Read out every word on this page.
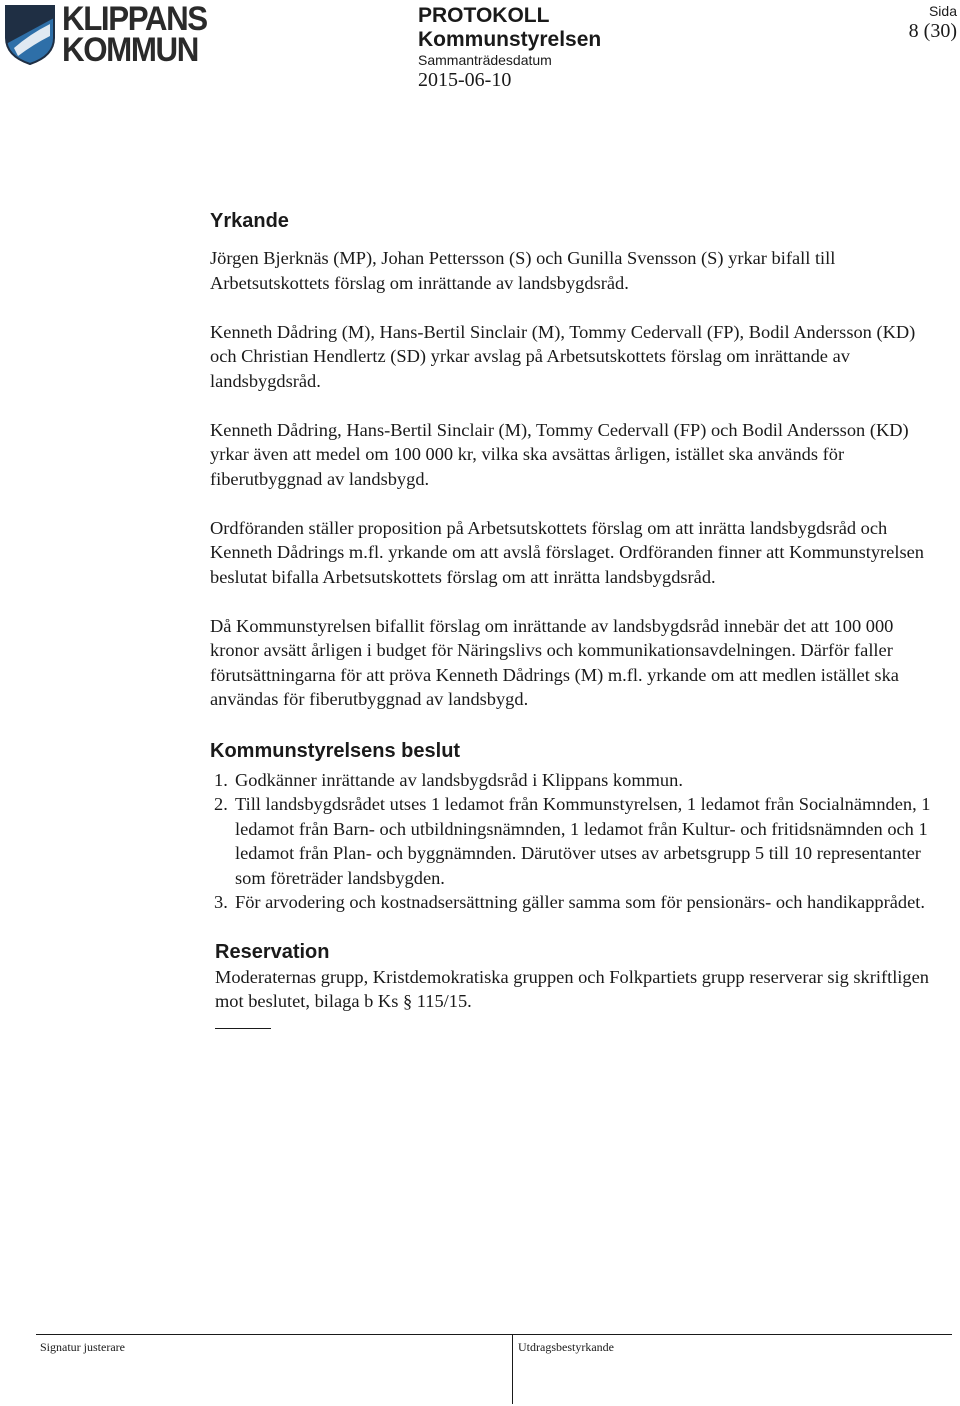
KLIPPANS
KOMMUN
PROTOKOLL
Kommunstyrelsen
Sammanträdesdatum
2015-06-10
Sida
8 (30)
Yrkande

Jörgen Bjerknäs (MP), Johan Pettersson (S) och Gunilla Svensson (S) yrkar bifall till Arbetsutskottets förslag om inrättande av landsbygdsråd.

Kenneth Dådring (M), Hans-Bertil Sinclair (M), Tommy Cedervall (FP), Bodil Andersson (KD) och Christian Hendlertz (SD) yrkar avslag på Arbetsutskottets förslag om inrättande av landsbygdsråd.

Kenneth Dådring, Hans-Bertil Sinclair (M), Tommy Cedervall (FP) och Bodil Andersson (KD) yrkar även att medel om 100 000 kr, vilka ska avsättas årligen, istället ska används för fiberutbyggnad av landsbygd.

Ordföranden ställer proposition på Arbetsutskottets förslag om att inrätta landsbygdsråd och Kenneth Dådrings m.fl. yrkande om att avslå förslaget. Ordföranden finner att Kommunstyrelsen beslutat bifalla Arbetsutskottets förslag om att inrätta landsbygdsråd.

Då Kommunstyrelsen bifallit förslag om inrättande av landsbygdsråd innebär det att 100 000 kronor avsätt årligen i budget för Näringslivs och kommunikationsavdelningen. Därför faller förutsättningarna för att pröva Kenneth Dådrings (M) m.fl. yrkande om att medlen istället ska användas för fiberutbyggnad av landsbygd.

Kommunstyrelsens beslut
1. Godkänner inrättande av landsbygdsråd i Klippans kommun.
2. Till landsbygdsrådet utses 1 ledamot från Kommunstyrelsen, 1 ledamot från Socialnämnden, 1 ledamot från Barn- och utbildningsnämnden, 1 ledamot från Kultur- och fritidsnämnden och 1 ledamot från Plan- och byggnämnden. Därutöver utses av arbetsgrupp 5 till 10 representanter som företräder landsbygden.
3. För arvodering och kostnadsersättning gäller samma som för pensionärs- och handikapprådet.
Reservation

Moderaternas grupp, Kristdemokratiska gruppen och Folkpartiets grupp reserverar sig skriftligen mot beslutet, bilaga b Ks § 115/15.

Signatur justerare	Utdragsbestyrkande
